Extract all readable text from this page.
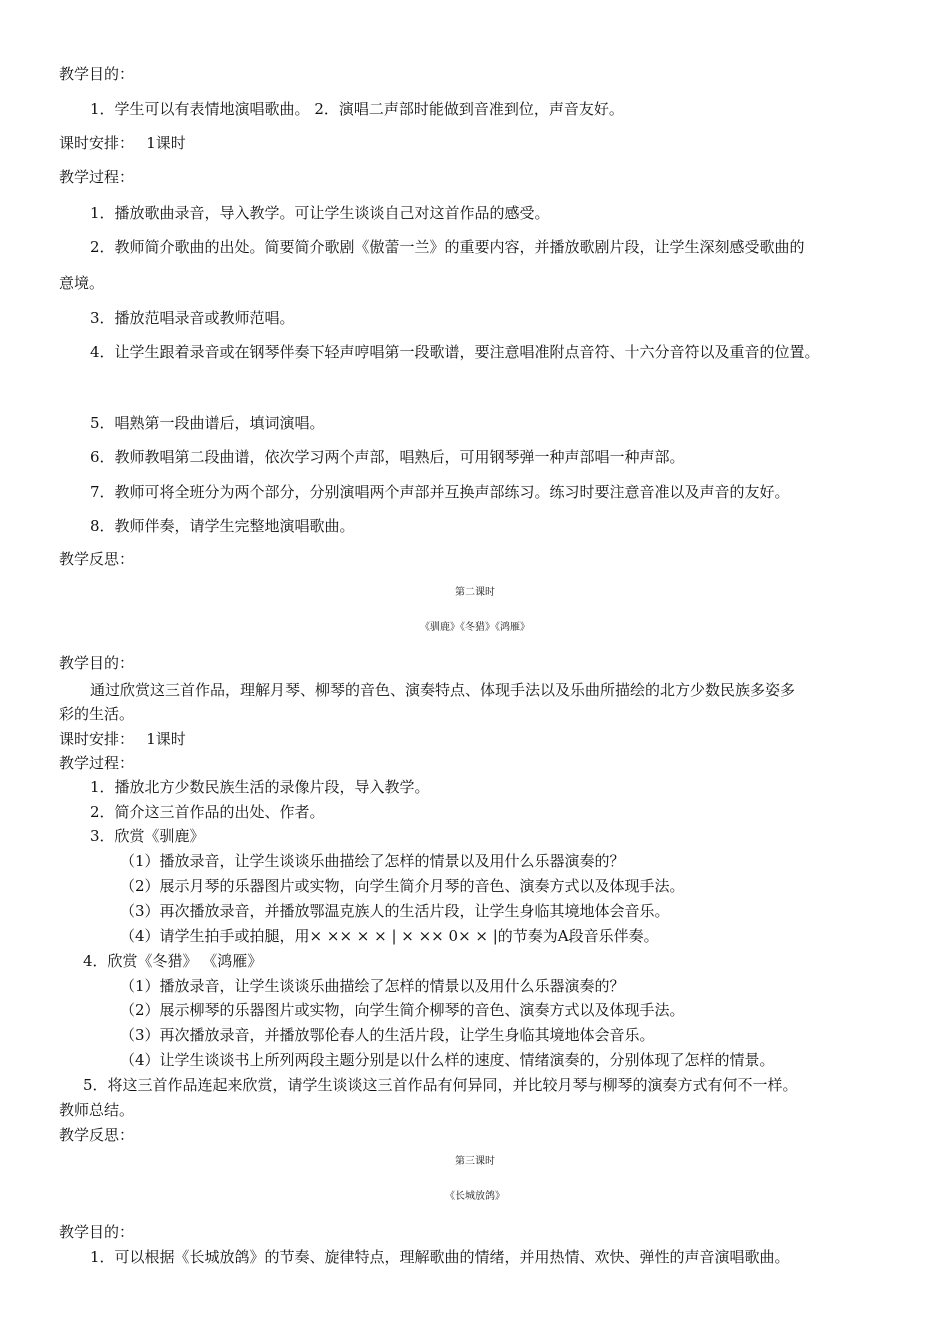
教学目的：
1．学生可以有表情地演唱歌曲。 2．演唱二声部时能做到音准到位，声音友好。
课时安排：　 1课时
教学过程：
1．播放歌曲录音，导入教学。可让学生谈谈自己对这首作品的感受。
2．教师简介歌曲的出处。简要简介歌剧《傲蕾一兰》的重要内容，并播放歌剧片段，让学生深刻感受歌曲的
意境。
3．播放范唱录音或教师范唱。
4．让学生跟着录音或在钢琴伴奏下轻声哼唱第一段歌谱，要注意唱准附点音符、十六分音符以及重音的位置。
5．唱熟第一段曲谱后，填词演唱。
6．教师教唱第二段曲谱，依次学习两个声部，唱熟后，可用钢琴弹一种声部唱一种声部。
7．教师可将全班分为两个部分，分别演唱两个声部并互换声部练习。练习时要注意音准以及声音的友好。
8．教师伴奏，请学生完整地演唱歌曲。
教学反思：
第二课时
《驯鹿》《冬猎》《鸿雁》
教学目的：
通过欣赏这三首作品，理解月琴、柳琴的音色、演奏特点、体现手法以及乐曲所描绘的北方少数民族多姿多
彩的生活。
课时安排：　 1课时
教学过程：
1．播放北方少数民族生活的录像片段，导入教学。
2．简介这三首作品的出处、作者。
3．欣赏《驯鹿》
（1）播放录音，让学生谈谈乐曲描绘了怎样的情景以及用什么乐器演奏的？
（2）展示月琴的乐器图片或实物，向学生简介月琴的音色、演奏方式以及体现手法。
（3）再次播放录音，并播放鄂温克族人的生活片段，让学生身临其境地体会音乐。
（4）请学生拍手或拍腿，用× ×× × × | × ×× 0× × |的节奏为A段音乐伴奏。
4．欣赏《冬猎》 《鸿雁》
（1）播放录音，让学生谈谈乐曲描绘了怎样的情景以及用什么乐器演奏的？
（2）展示柳琴的乐器图片或实物，向学生简介柳琴的音色、演奏方式以及体现手法。
（3）再次播放录音，并播放鄂伦春人的生活片段，让学生身临其境地体会音乐。
（4）让学生谈谈书上所列两段主题分别是以什么样的速度、情绪演奏的，分别体现了怎样的情景。
5．将这三首作品连起来欣赏，请学生谈谈这三首作品有何异同，并比较月琴与柳琴的演奏方式有何不一样。
教师总结。
教学反思：
第三课时
《长城放鸽》
教学目的：
1．可以根据《长城放鸽》的节奏、旋律特点，理解歌曲的情绪，并用热情、欢快、弹性的声音演唱歌曲。
